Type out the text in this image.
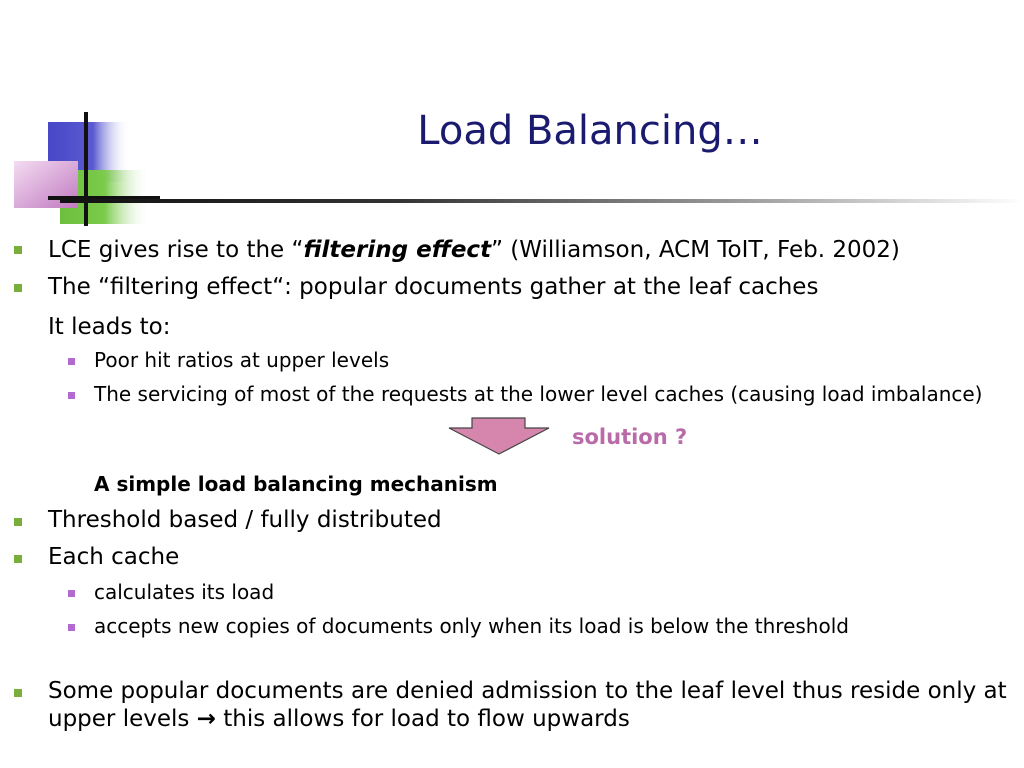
Load Balancing…
LCE gives rise to the “filtering effect” (Williamson, ACM ToIT, Feb. 2002)
The “filtering effect“: popular documents gather at the leaf caches
It leads to:
Poor hit ratios at upper levels
The servicing of most of the requests at the lower level caches (causing load imbalance)
solution ?
A simple load balancing mechanism
Threshold based / fully distributed
Each cache
calculates its load
accepts new copies of documents only when its load is below the threshold
Some popular documents are denied admission to the leaf level thus reside only at upper levels → this allows for load to flow upwards
